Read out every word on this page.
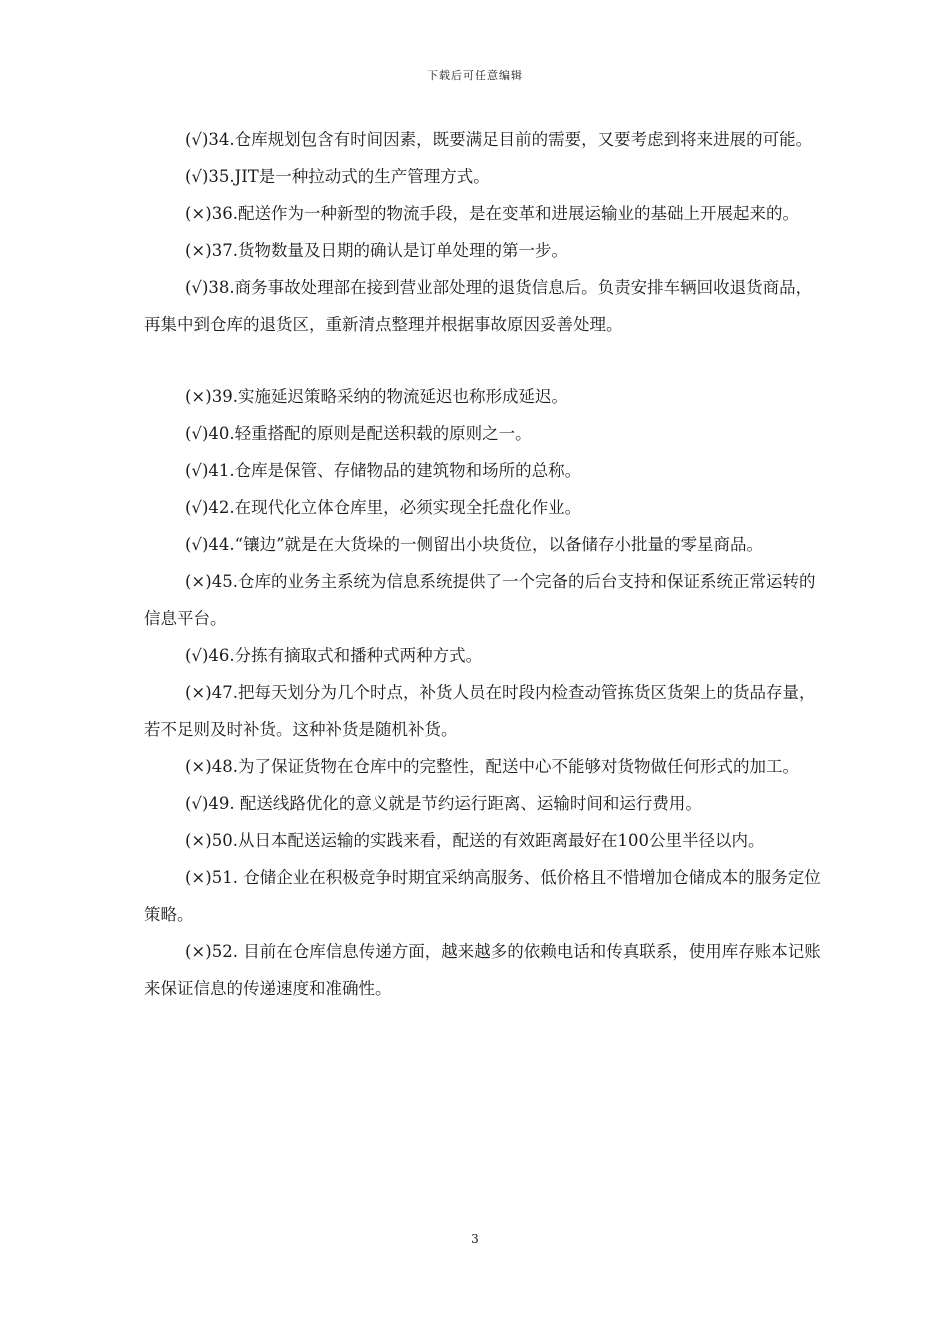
下载后可任意编辑

(√)34.仓库规划包含有时间因素，既要满足目前的需要，又要考虑到将来进展的可能。

(√)35.JIT是一种拉动式的生产管理方式。

(×)36.配送作为一种新型的物流手段，是在变革和进展运输业的基础上开展起来的。

(×)37.货物数量及日期的确认是订单处理的第一步。

(√)38.商务事故处理部在接到营业部处理的退货信息后。负责安排车辆回收退货商品，再集中到仓库的退货区，重新清点整理并根据事故原因妥善处理。

(×)39.实施延迟策略采纳的物流延迟也称形成延迟。

(√)40.轻重搭配的原则是配送积载的原则之一。

(√)41.仓库是保管、存储物品的建筑物和场所的总称。

(√)42.在现代化立体仓库里，必须实现全托盘化作业。

(√)44.“镶边”就是在大货垛的一侧留出小块货位，以备储存小批量的零星商品。

(×)45.仓库的业务主系统为信息系统提供了一个完备的后台支持和保证系统正常运转的信息平台。

(√)46.分拣有摘取式和播种式两种方式。

(×)47.把每天划分为几个时点，补货人员在时段内检查动管拣货区货架上的货品存量，若不足则及时补货。这种补货是随机补货。

(×)48.为了保证货物在仓库中的完整性，配送中心不能够对货物做任何形式的加工。

(√)49. 配送线路优化的意义就是节约运行距离、运输时间和运行费用。

(×)50.从日本配送运输的实践来看，配送的有效距离最好在100公里半径以内。

(×)51. 仓储企业在积极竞争时期宜采纳高服务、低价格且不惜增加仓储成本的服务定位策略。

(×)52. 目前在仓库信息传递方面，越来越多的依赖电话和传真联系，使用库存账本记账来保证信息的传递速度和准确性。

3
